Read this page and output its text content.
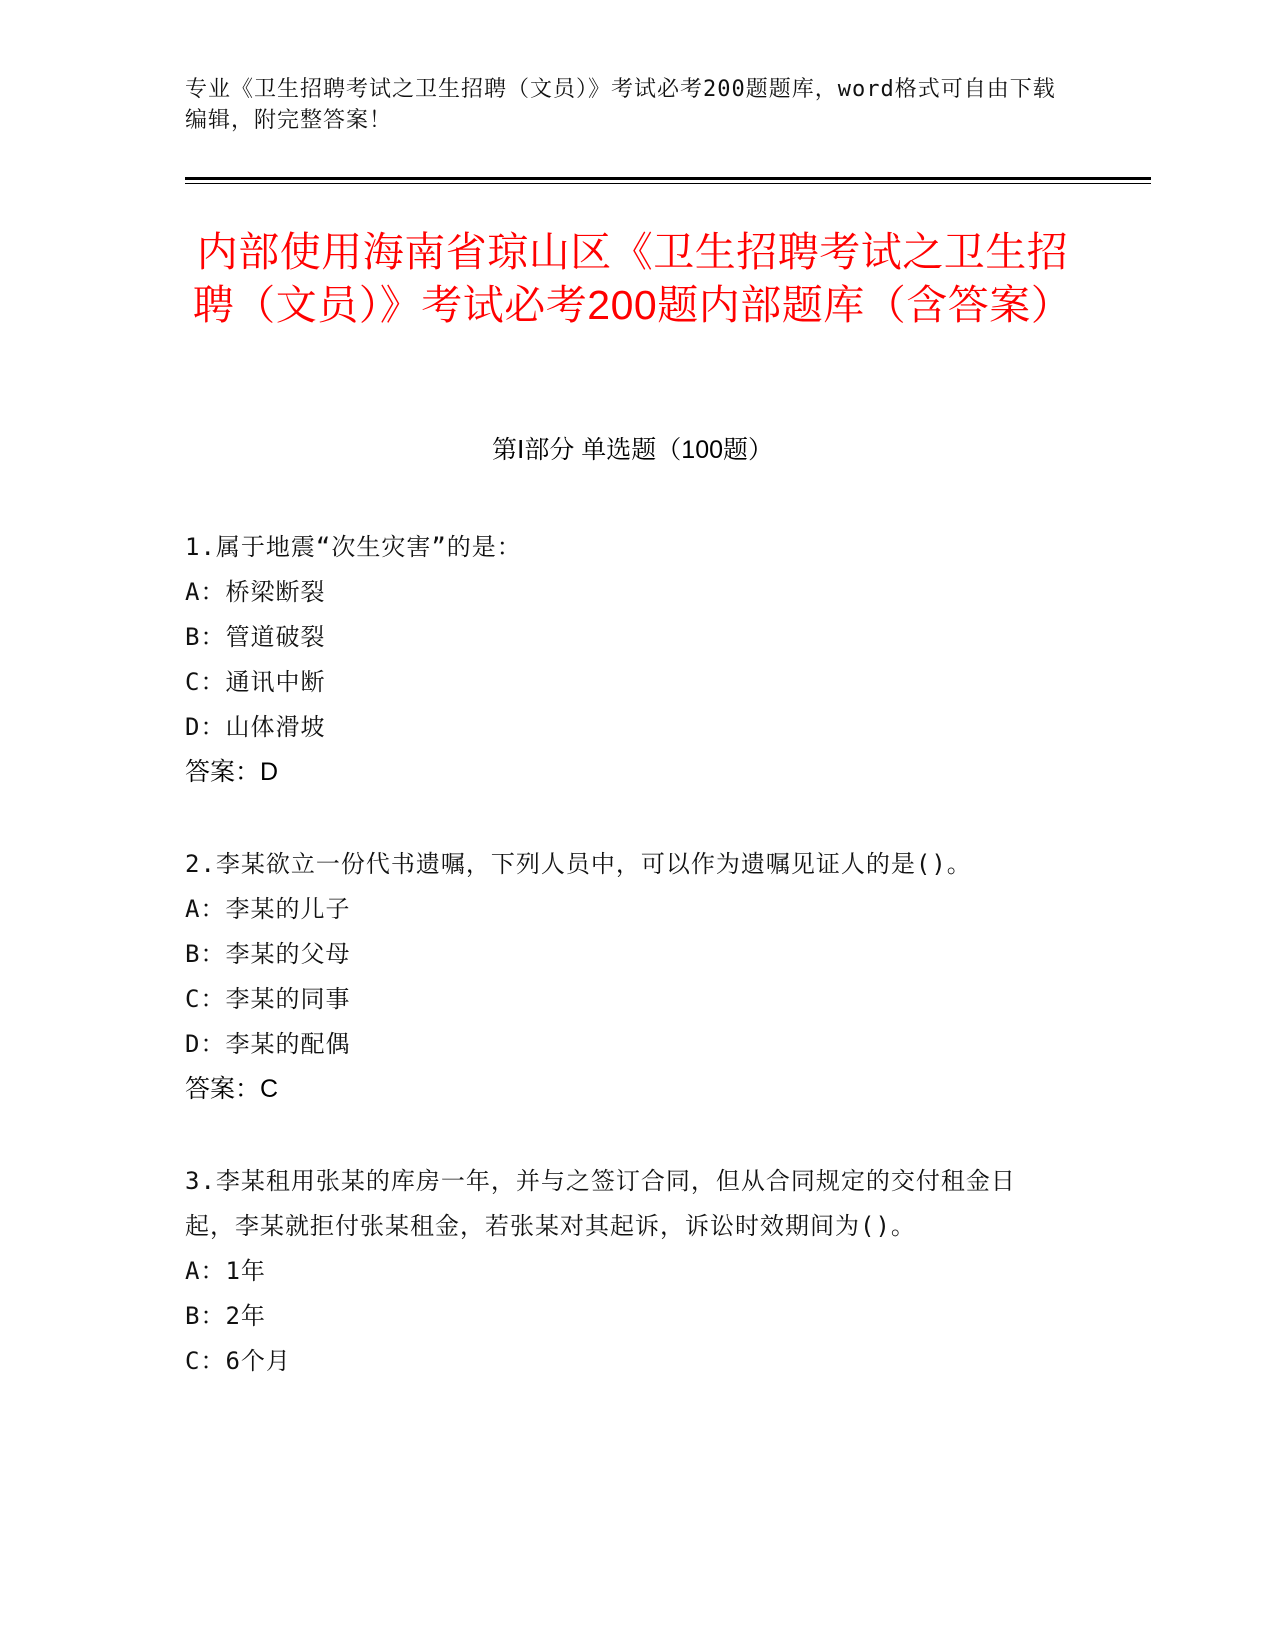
专业《卫生招聘考试之卫生招聘（文员）》考试必考200题题库，word格式可自由下载编辑，附完整答案！
内部使用海南省琼山区《卫生招聘考试之卫生招聘（文员）》考试必考200题内部题库（含答案）
第Ⅰ部分 单选题（100题）
1.属于地震“次生灾害”的是：
A：桥梁断裂
B：管道破裂
C：通讯中断
D：山体滑坡
答案：D
2.李某欲立一份代书遗嘱，下列人员中，可以作为遗嘱见证人的是()。
A：李某的儿子
B：李某的父母
C：李某的同事
D：李某的配偶
答案：C
3.李某租用张某的库房一年，并与之签订合同，但从合同规定的交付租金日起，李某就拒付张某租金，若张某对其起诉，诉讼时效期间为()。
A：1年
B：2年
C：6个月
